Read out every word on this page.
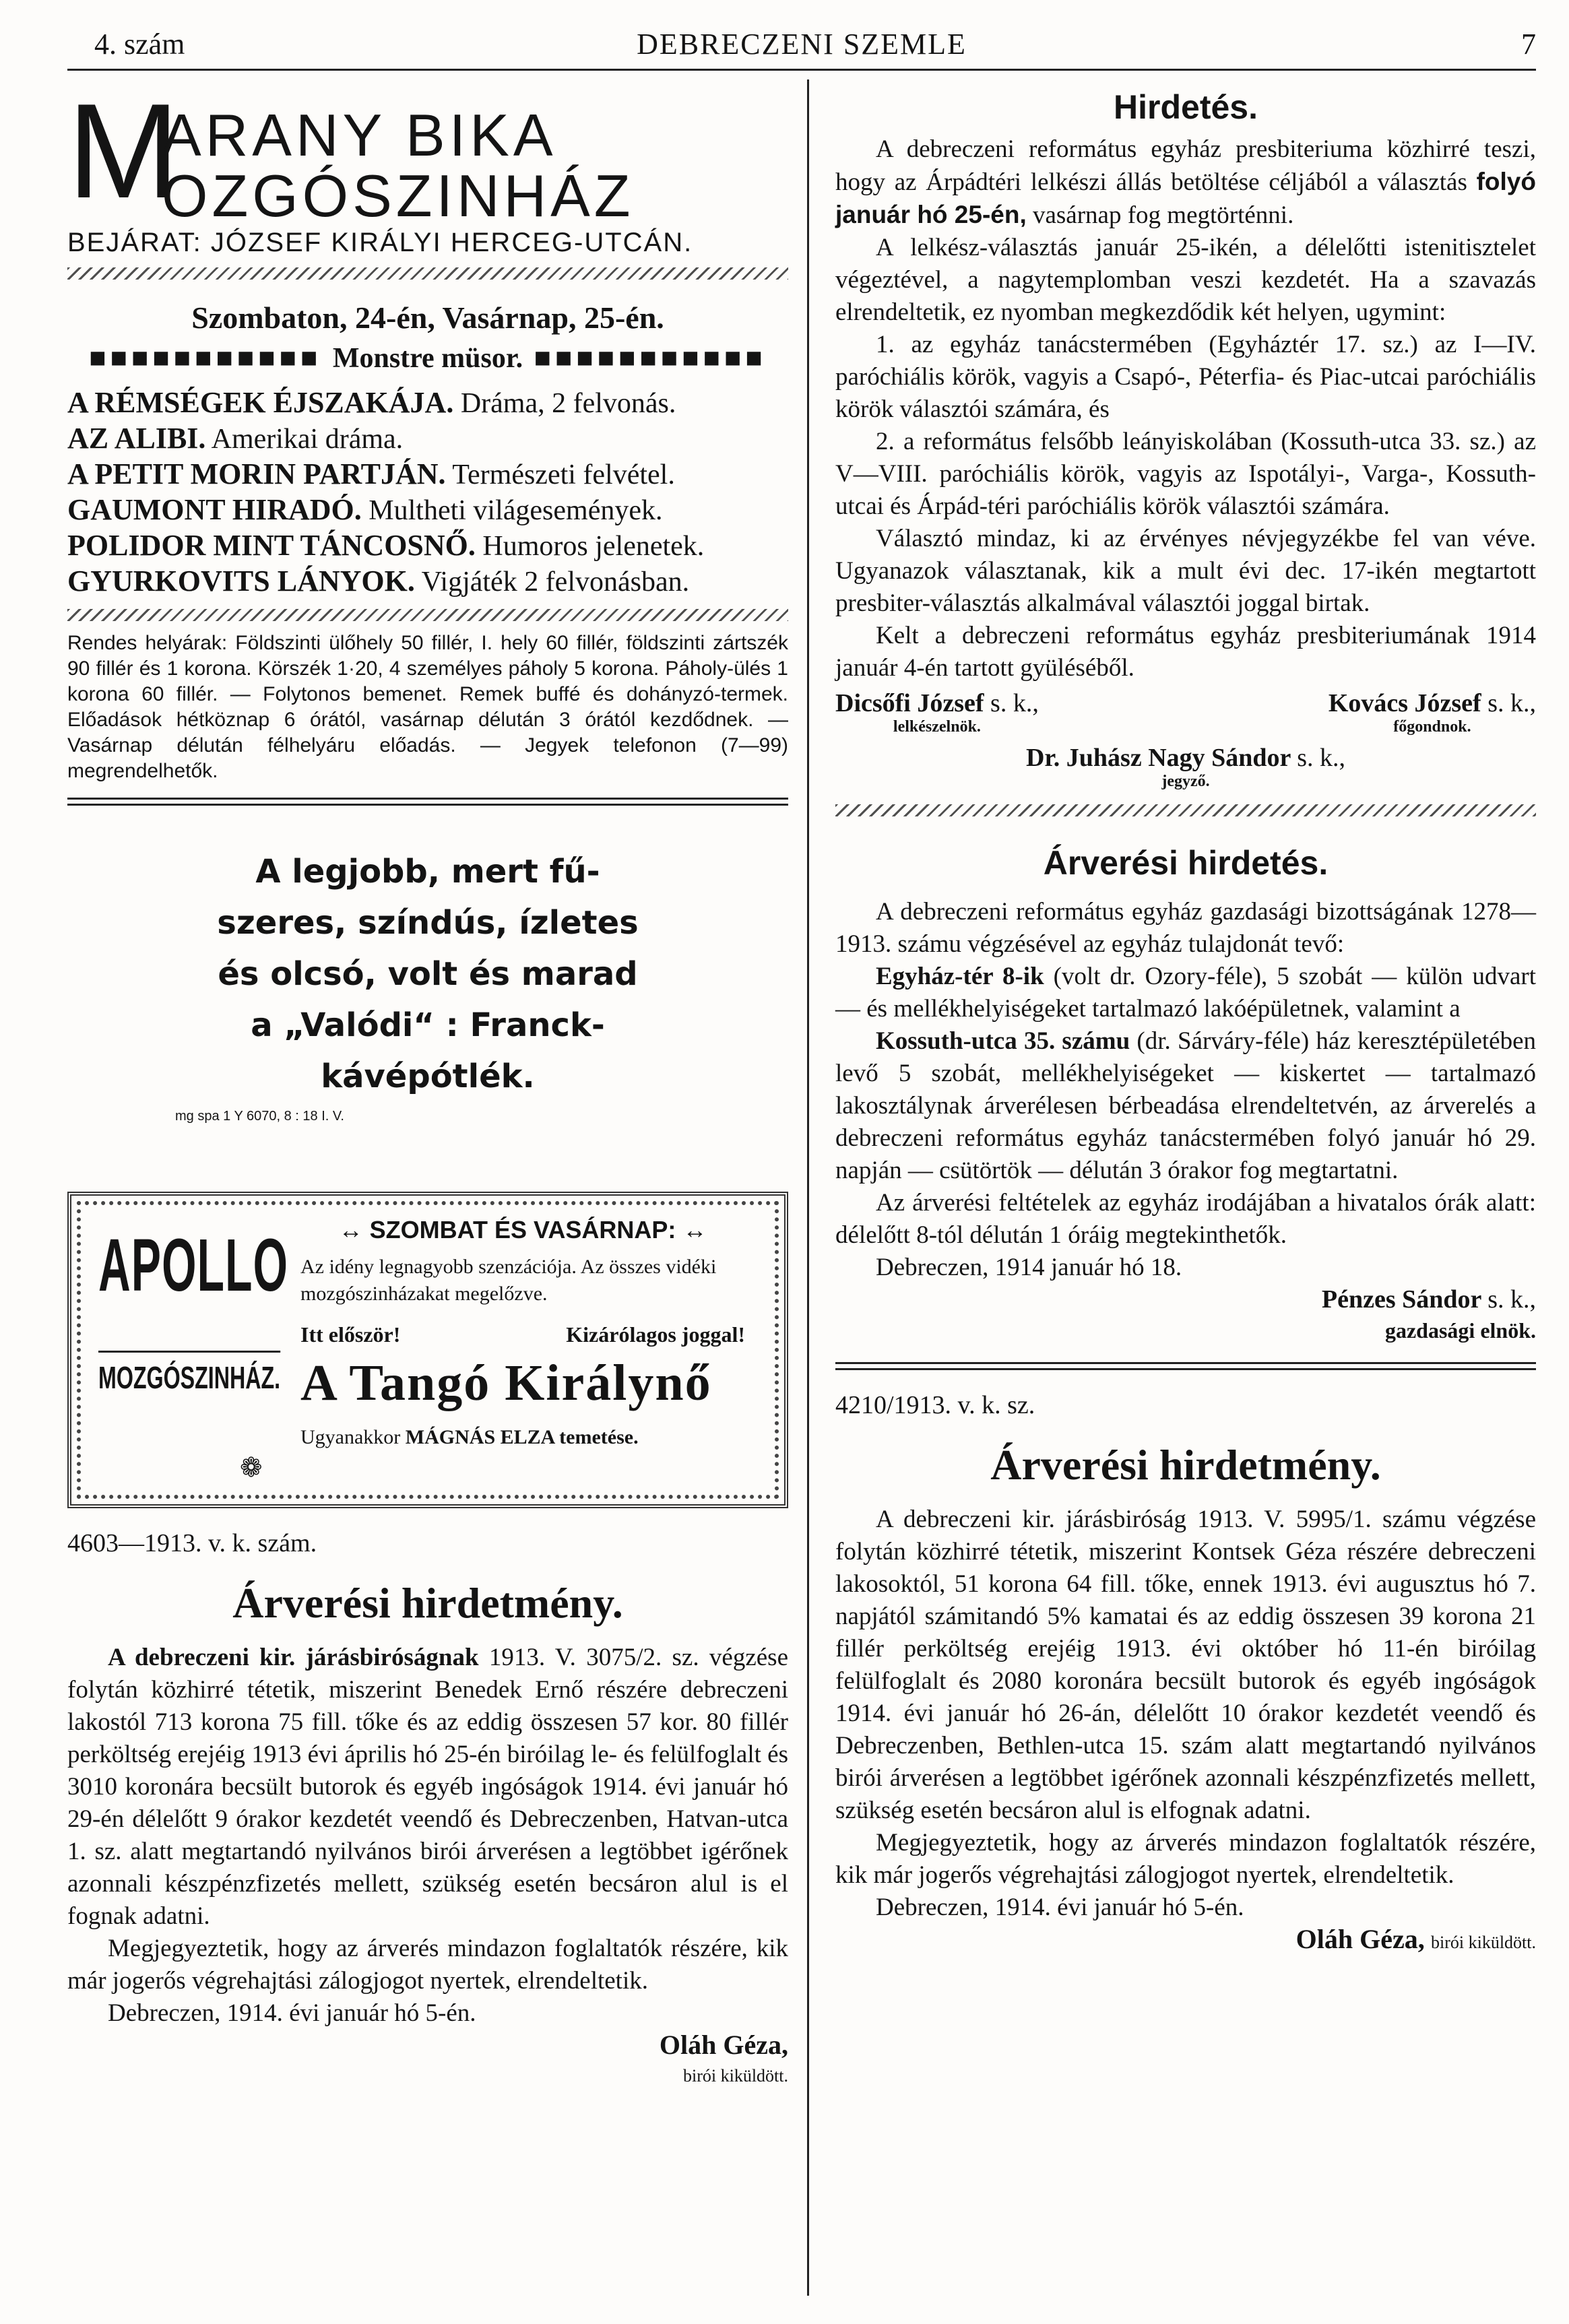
4. szám	DEBRECZENI SZEMLE	7
M
ARANY BIKA
OZGÓSZINHÁZ

BEJÁRAT: JÓZSEF KIRÁLYI HERCEG-UTCÁN.

Szombaton, 24-én, Vasárnap, 25-én.

■■■■■■■■■■■ Monstre müsor. ■■■■■■■■■■■

A RÉMSÉGEK ÉJSZAKÁJA. Dráma, 2 felvonás.

AZ ALIBI. Amerikai dráma.

A PETIT MORIN PARTJÁN. Természeti felvétel.

GAUMONT HIRADÓ. Multheti világesemények.

POLIDOR MINT TÁNCOSNŐ. Humoros jelenetek.

GYURKOVITS LÁNYOK. Vigjáték 2 felvonásban.

Rendes helyárak: Földszinti ülőhely 50 fillér, I. hely 60 fillér, földszinti zártszék 90 fillér és 1 korona. Körszék 1·20, 4 személyes páholy 5 korona. Páholy-ülés 1 korona 60 fillér. — Folytonos bemenet. Remek buffé és dohányzó-termek. Előadások hétköznap 6 órától, vasárnap délután 3 órától kezdődnek. — Vasárnap délután félhelyáru előadás. — Jegyek telefonon (7—99) megrendelhetők.

A legjobb, mert fű-

szeres, színdús, ízletes

és olcsó, volt és marad

a „Valódi“ : Franck-

kávépótlék.

mg spa 1 Y 6070, 8 : 18 I. V.

APOLLO
MOZGÓSZINHÁZ.

↔ SZOMBAT ÉS VASÁRNAP: ↔

Az idény legnagyobb szenzációja. Az összes vidéki mozgószinházakat megelőzve.

Itt először!	Kizárólagos joggal!

A Tangó Királynő

Ugyanakkor MÁGNÁS ELZA temetése.

❁

4603—1913. v. k. szám.

Árverési hirdetmény.

A debreczeni kir. járásbiróságnak 1913. V. 3075/2. sz. végzése folytán közhirré tétetik, miszerint Benedek Ernő részére debreczeni lakostól 713 korona 75 fill. tőke és az eddig összesen 57 kor. 80 fillér perköltség erejéig 1913 évi április hó 25-én biróilag le- és felülfoglalt és 3010 koronára becsült butorok és egyéb ingóságok 1914. évi január hó 29-én délelőtt 9 órakor kezdetét veendő és Debreczenben, Hatvan-utca 1. sz. alatt megtartandó nyilvános birói árverésen a legtöbbet igérőnek azonnali készpénzfizetés mellett, szükség esetén becsáron alul is el fognak adatni.

Megjegyeztetik, hogy az árverés mindazon foglaltatók részére, kik már jogerős végrehajtási zálogjogot nyertek, elrendeltetik.

Debreczen, 1914. évi január hó 5-én.

Oláh Géza,

birói kiküldött.

Hirdetés.

A debreczeni református egyház presbiteriuma közhirré teszi, hogy az Árpádtéri lelkészi állás betöltése céljából a választás folyó január hó 25-én, vasárnap fog megtörténni.

A lelkész-választás január 25-ikén, a délelőtti istenitisztelet végeztével, a nagytemplomban veszi kezdetét. Ha a szavazás elrendeltetik, ez nyomban megkezdődik két helyen, ugymint:

1. az egyház tanácstermében (Egyháztér 17. sz.) az I—IV. paróchiális körök, vagyis a Csapó-, Péterfia- és Piac-utcai paróchiális körök választói számára, és

2. a református felsőbb leányiskolában (Kossuth-utca 33. sz.) az V—VIII. paróchiális körök, vagyis az Ispotályi-, Varga-, Kossuth-utcai és Árpád-téri paróchiális körök választói számára.

Választó mindaz, ki az érvényes névjegyzékbe fel van véve. Ugyanazok választanak, kik a mult évi dec. 17-ikén megtartott presbiter-választás alkalmával választói joggal birtak.

Kelt a debreczeni református egyház presbiteriumának 1914 január 4-én tartott gyüléséből.

Dicsőfi József s. k.,
lelkészelnök.
Kovács József s. k.,
főgondnok.

Dr. Juhász Nagy Sándor s. k.,

jegyző.

Árverési hirdetés.

A debreczeni református egyház gazdasági bizottságának 1278—1913. számu végzésével az egyház tulajdonát tevő:

Egyház-tér 8-ik (volt dr. Ozory-féle), 5 szobát — külön udvart — és mellékhelyiségeket tartalmazó lakóépületnek, valamint a

Kossuth-utca 35. számu (dr. Sárváry-féle) ház keresztépületében levő 5 szobát, mellékhelyiségeket — kiskertet — tartalmazó lakosztálynak árverélesen bérbeadása elrendeltetvén, az árverelés a debreczeni református egyház tanácstermében folyó január hó 29. napján — csütörtök — délután 3 órakor fog megtartatni.

Az árverési feltételek az egyház irodájában a hivatalos órák alatt: délelőtt 8-tól délután 1 óráig megtekinthetők.

Debreczen, 1914 január hó 18.

Pénzes Sándor s. k.,

gazdasági elnök.

4210/1913. v. k. sz.

Árverési hirdetmény.

A debreczeni kir. járásbiróság 1913. V. 5995/1. számu végzése folytán közhirré tétetik, miszerint Kontsek Géza részére debreczeni lakosoktól, 51 korona 64 fill. tőke, ennek 1913. évi augusztus hó 7. napjától számitandó 5% kamatai és az eddig összesen 39 korona 21 fillér perköltség erejéig 1913. évi október hó 11-én biróilag felülfoglalt és 2080 koronára becsült butorok és egyéb ingóságok 1914. évi január hó 26-án, délelőtt 10 órakor kezdetét veendő és Debreczenben, Bethlen-utca 15. szám alatt megtartandó nyilvános birói árverésen a legtöbbet igérőnek azonnali készpénzfizetés mellett, szükség esetén becsáron alul is elfognak adatni.

Megjegyeztetik, hogy az árverés mindazon foglaltatók részére, kik már jogerős végrehajtási zálogjogot nyertek, elrendeltetik.

Debreczen, 1914. évi január hó 5-én.

Oláh Géza, birói kiküldött.
